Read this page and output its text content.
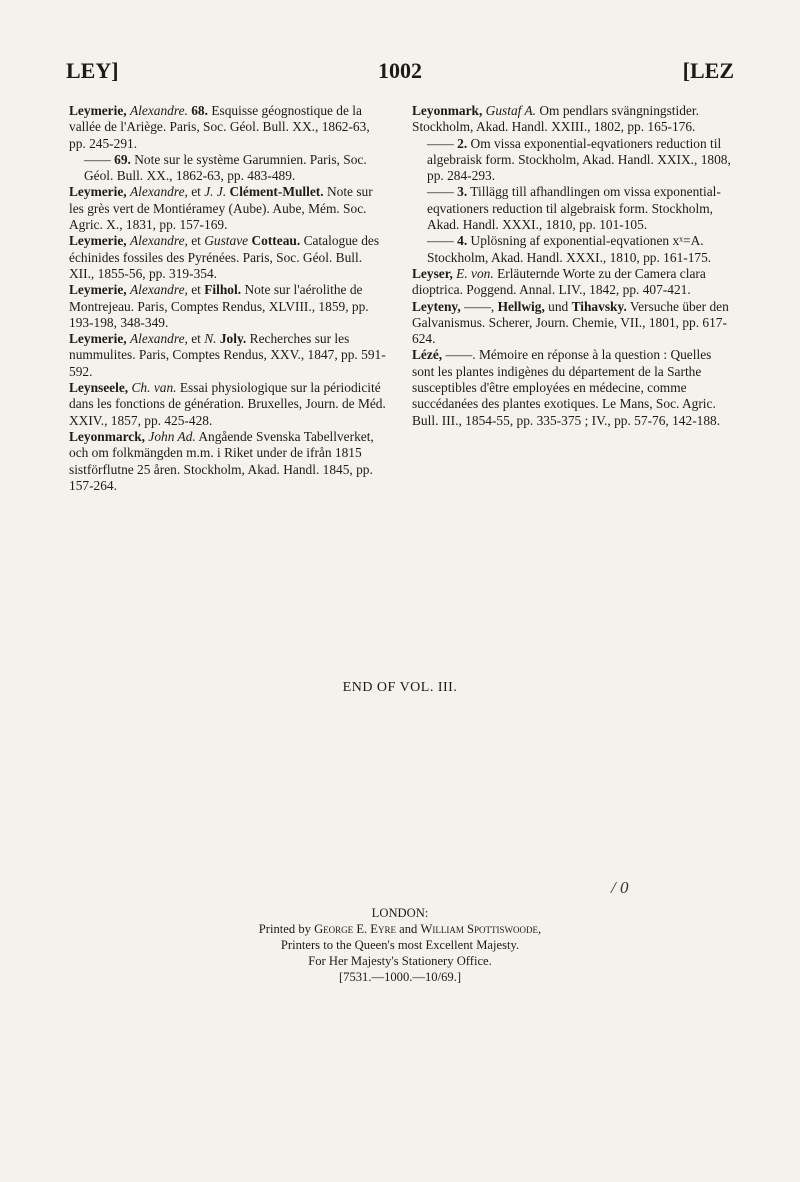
LEY]	1002	[LEZ
Leymerie, Alexandre. 68. Esquisse géognostique de la vallée de l'Ariège. Paris, Soc. Géol. Bull. XX., 1862-63, pp. 245-291.
—— 69. Note sur le système Garumnien. Paris, Soc. Géol. Bull. XX., 1862-63, pp. 483-489.
Leymerie, Alexandre, et J. J. Clément-Mullet. Note sur les grès vert de Montiéramey (Aube). Aube, Mém. Soc. Agric. X., 1831, pp. 157-169.
Leymerie, Alexandre, et Gustave Cotteau. Catalogue des échinides fossiles des Pyrénées. Paris, Soc. Géol. Bull. XII., 1855-56, pp. 319-354.
Leymerie, Alexandre, et Filhol. Note sur l'aérolithe de Montrejeau. Paris, Comptes Rendus, XLVIII., 1859, pp. 193-198, 348-349.
Leymerie, Alexandre, et N. Joly. Recherches sur les nummulites. Paris, Comptes Rendus, XXV., 1847, pp. 591-592.
Leynseele, Ch. van. Essai physiologique sur la périodicité dans les fonctions de génération. Bruxelles, Journ. de Méd. XXIV., 1857, pp. 425-428.
Leyonmarck, John Ad. Angående Svenska Tabellverket, och om folkmängden m.m. i Riket under de ifrån 1815 sistförflutne 25 åren. Stockholm, Akad. Handl. 1845, pp. 157-264.
Leyonmark, Gustaf A. Om pendlars svängningstider. Stockholm, Akad. Handl. XXIII., 1802, pp. 165-176.
—— 2. Om vissa exponential-eqvationers reduction til algebraisk form. Stockholm, Akad. Handl. XXIX., 1808, pp. 284-293.
—— 3. Tillägg till afhandlingen om vissa exponential-eqvationers reduction til algebraisk form. Stockholm, Akad. Handl. XXXI., 1810, pp. 101-105.
—— 4. Uplösning af exponential-eqvationen xˣ=A. Stockholm, Akad. Handl. XXXI., 1810, pp. 161-175.
Leyser, E. von. Erläuternde Worte zu der Camera clara dioptrica. Poggend. Annal. LIV., 1842, pp. 407-421.
Leyteny, ——, Hellwig, und Tihavsky. Versuche über den Galvanismus. Scherer, Journ. Chemie, VII., 1801, pp. 617-624.
Lézé, ——. Mémoire en réponse à la question : Quelles sont les plantes indigènes du département de la Sarthe susceptibles d'être employées en médecine, comme succédanées des plantes exotiques. Le Mans, Soc. Agric. Bull. III., 1854-55, pp. 335-375 ; IV., pp. 57-76, 142-188.
END OF VOL. III.
/ 0
LONDON:
Printed by George E. Eyre and William Spottiswoode,
Printers to the Queen's most Excellent Majesty.
For Her Majesty's Stationery Office.
[7531.—1000.—10/69.]
